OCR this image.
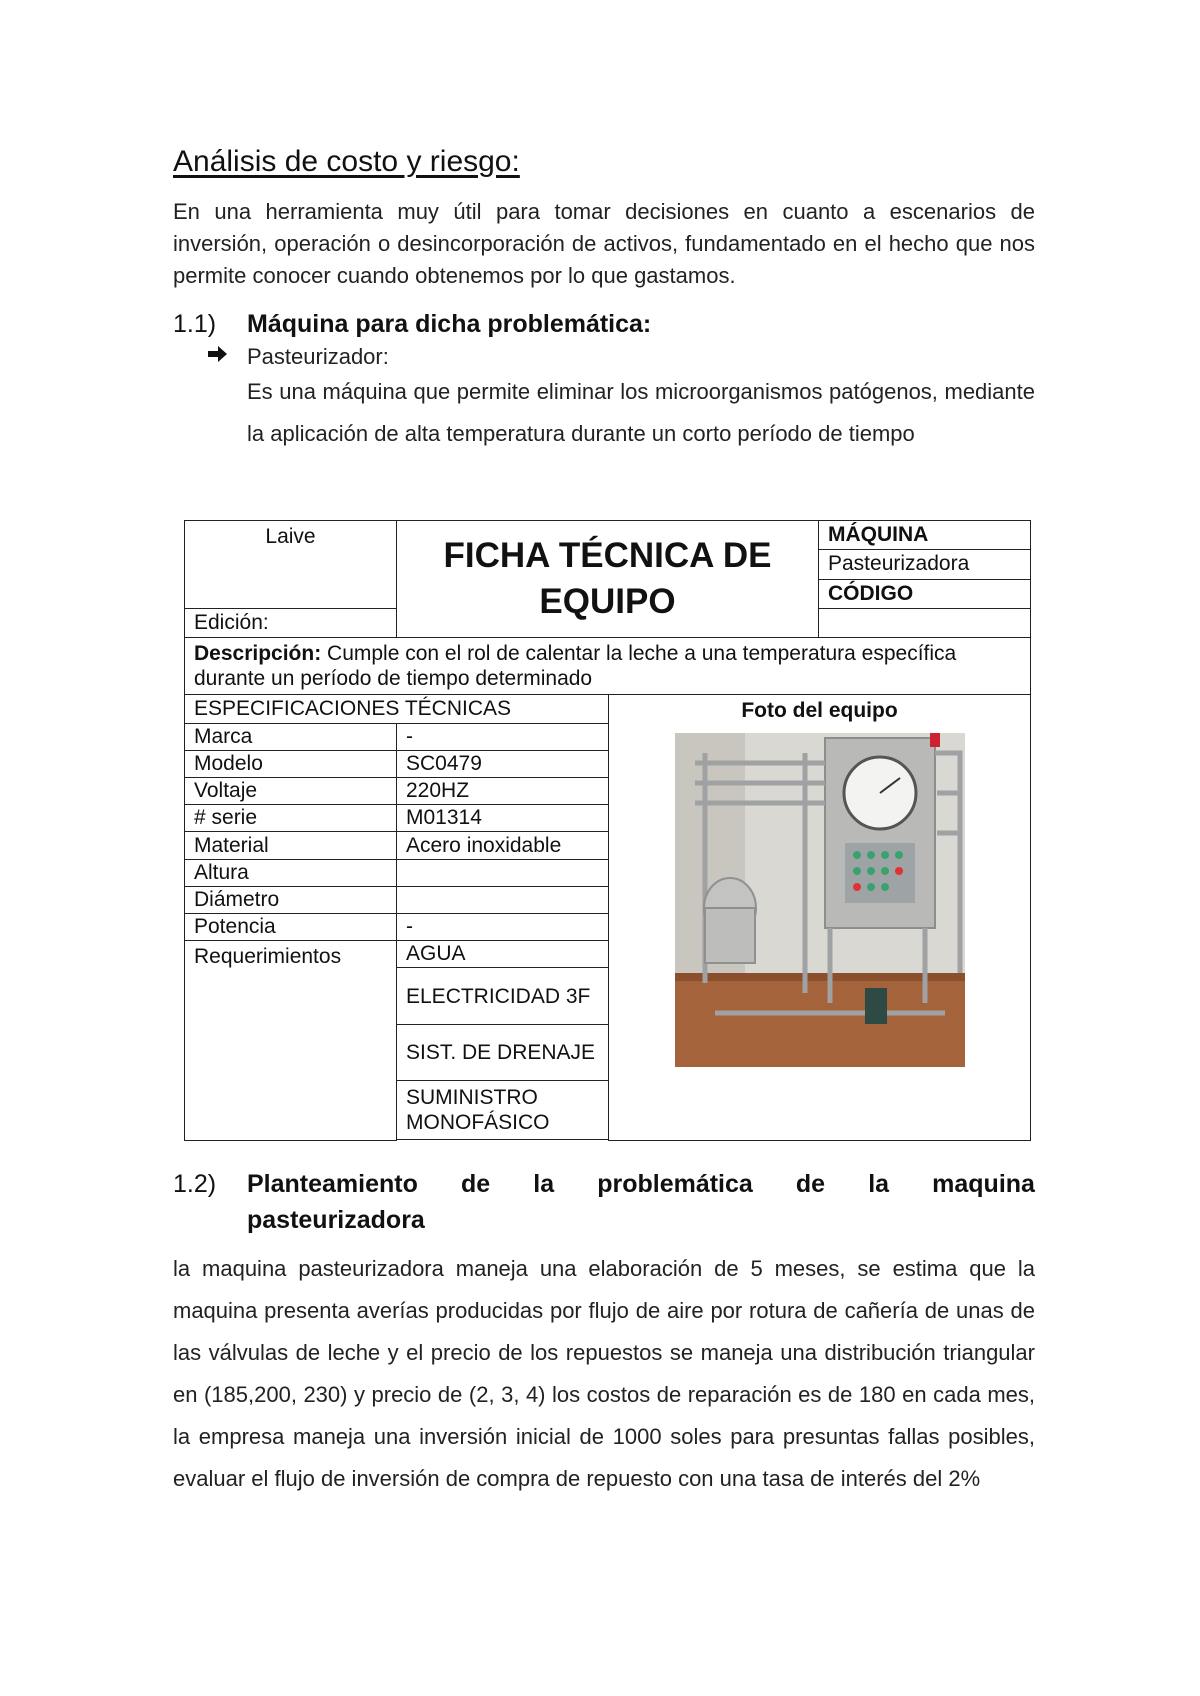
Análisis de costo y riesgo:
En una herramienta muy útil para tomar decisiones en cuanto a escenarios de inversión, operación o desincorporación de activos, fundamentado en el hecho que nos permite conocer cuando obtenemos por lo que gastamos.
1.1) Máquina para dicha problemática:
Pasteurizador:
Es una máquina que permite eliminar los microorganismos patógenos, mediante la aplicación de alta temperatura durante un corto período de tiempo
Laive	FICHA TÉCNICA DE
EQUIPO		MÁQUINA
			Pasteurizadora
			CÓDIGO
Edición:			
Descripción: Cumple con el rol de calentar la leche a una temperatura específica durante un período de tiempo determinado			
ESPECIFICACIONES TÉCNICAS		Foto del equipo	

Marca	-		
Modelo	SC0479		
Voltaje	220HZ		
# serie	M01314		
Material	Acero inoxidable		
Altura			
Diámetro			
Potencia	-		
Requerimientos	AGUA		
	ELECTRICIDAD 3F		
	SIST. DE DRENAJE		
	SUMINISTRO MONOFÁSICO		

1.2) Planteamiento de la problemática de la maquina
pasteurizadora
la maquina pasteurizadora maneja una elaboración de 5 meses, se estima que la maquina presenta averías producidas por flujo de aire por rotura de cañería de unas de las válvulas de leche y el precio de los repuestos se maneja una distribución triangular en (185,200, 230) y precio de (2, 3, 4) los costos de reparación es de 180 en cada mes, la empresa maneja una inversión inicial de 1000 soles para presuntas fallas posibles, evaluar el flujo de inversión de compra de repuesto con una tasa de interés del 2%
